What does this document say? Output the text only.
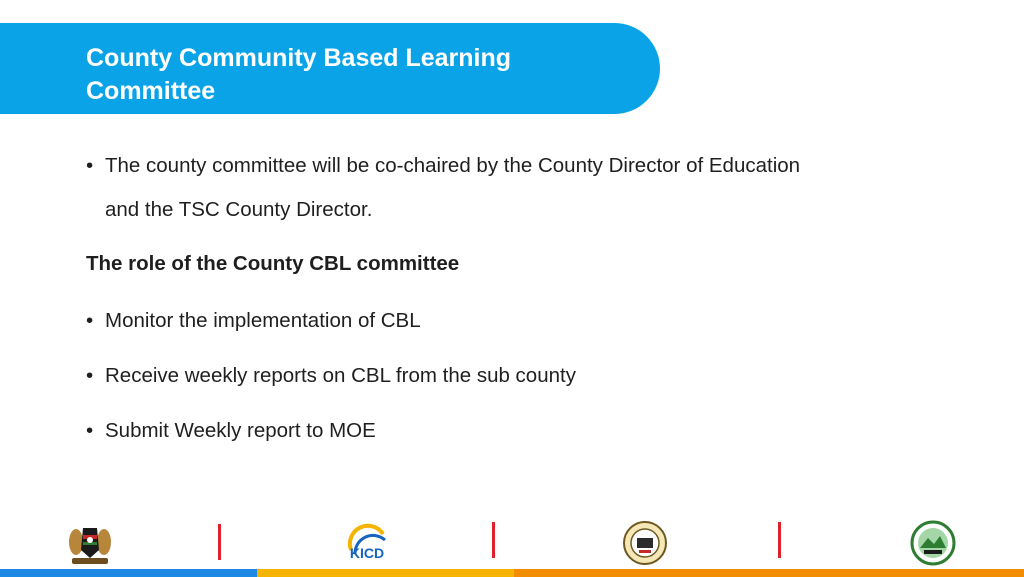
County Community Based Learning Committee
• The county committee will be co-chaired by the County Director of Education and the TSC County Director.
The role of the County CBL committee
• Monitor the implementation of CBL
• Receive weekly reports on CBL from the sub county
• Submit Weekly report to MOE
KICD
